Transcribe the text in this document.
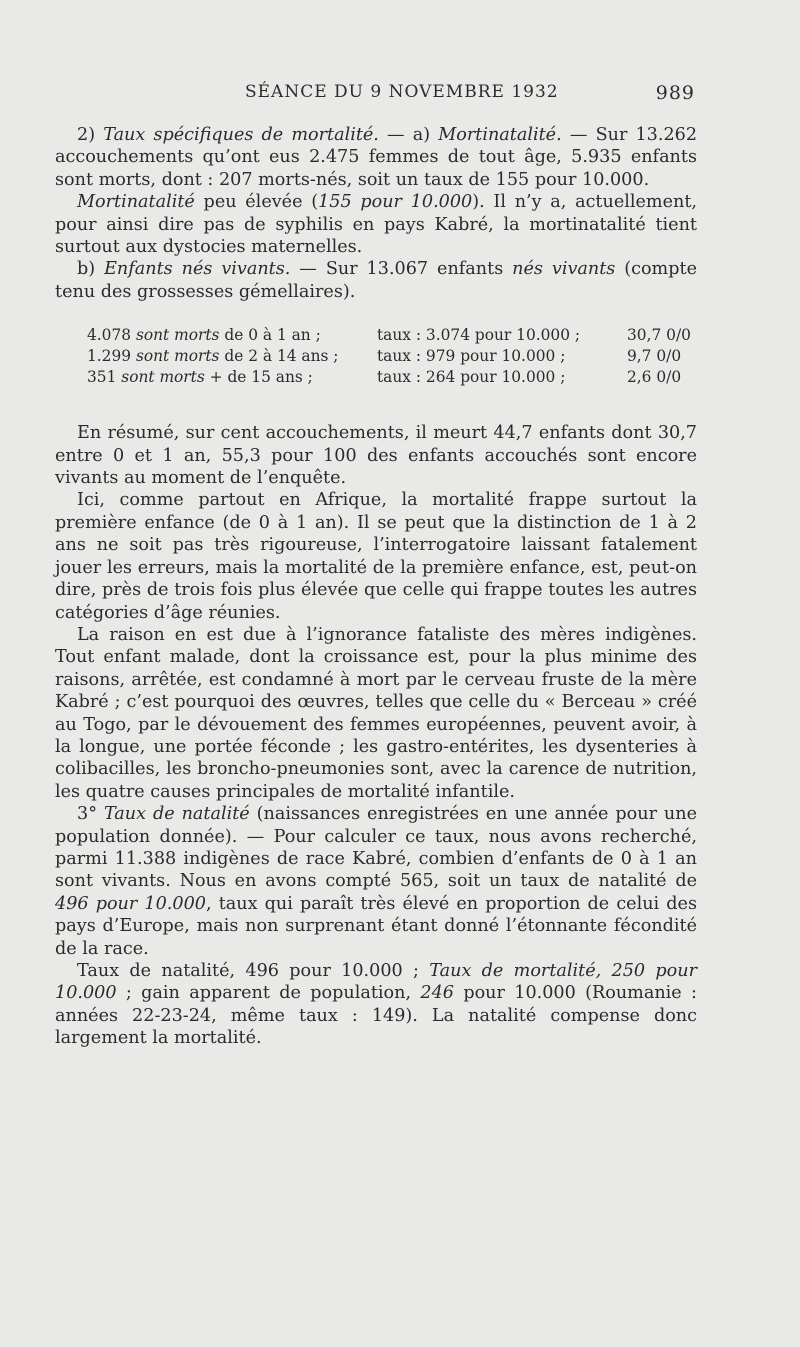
SÉANCE DU 9 NOVEMBRE 1932	989

2) Taux spécifiques de mortalité. — a) Mortinatalité. — Sur 13.262 accouchements qu’ont eus 2.475 femmes de tout âge, 5.935 enfants sont morts, dont : 207 morts-nés, soit un taux de 155 pour 10.000.

Mortinatalité peu élevée (155 pour 10.000). Il n’y a, actuellement, pour ainsi dire pas de syphilis en pays Kabré, la mortinatalité tient surtout aux dystocies maternelles.

b) Enfants nés vivants. — Sur 13.067 enfants nés vivants (compte tenu des grossesses gémellaires).

4.078 sont morts de 0 à 1 an ;	taux : 3.074 pour 10.000 ;	30,7 0/0
1.299 sont morts de 2 à 14 ans ;	taux : 979 pour 10.000 ;	9,7 0/0
351 sont morts + de 15 ans ;	taux : 264 pour 10.000 ;	2,6 0/0

En résumé, sur cent accouchements, il meurt 44,7 enfants dont 30,7 entre 0 et 1 an, 55,3 pour 100 des enfants accouchés sont encore vivants au moment de l’enquête.

Ici, comme partout en Afrique, la mortalité frappe surtout la première enfance (de 0 à 1 an). Il se peut que la distinction de 1 à 2 ans ne soit pas très rigoureuse, l’interrogatoire laissant fatalement jouer les erreurs, mais la mortalité de la première enfance, est, peut-on dire, près de trois fois plus élevée que celle qui frappe toutes les autres catégories d’âge réunies.

La raison en est due à l’ignorance fataliste des mères indigènes. Tout enfant malade, dont la croissance est, pour la plus minime des raisons, arrêtée, est condamné à mort par le cerveau fruste de la mère Kabré ; c’est pourquoi des œuvres, telles que celle du « Berceau » créé au Togo, par le dévouement des femmes européennes, peuvent avoir, à la longue, une portée féconde ; les gastro-entérites, les dysenteries à colibacilles, les broncho-pneumonies sont, avec la carence de nutrition, les quatre causes principales de mortalité infantile.

3° Taux de natalité (naissances enregistrées en une année pour une population donnée). — Pour calculer ce taux, nous avons recherché, parmi 11.388 indigènes de race Kabré, combien d’enfants de 0 à 1 an sont vivants. Nous en avons compté 565, soit un taux de natalité de 496 pour 10.000, taux qui paraît très élevé en proportion de celui des pays d’Europe, mais non surprenant étant donné l’étonnante fécondité de la race.

Taux de natalité, 496 pour 10.000 ; Taux de mortalité, 250 pour 10.000 ; gain apparent de population, 246 pour 10.000 (Roumanie : années 22-23-24, même taux : 149). La natalité compense donc largement la mortalité.
